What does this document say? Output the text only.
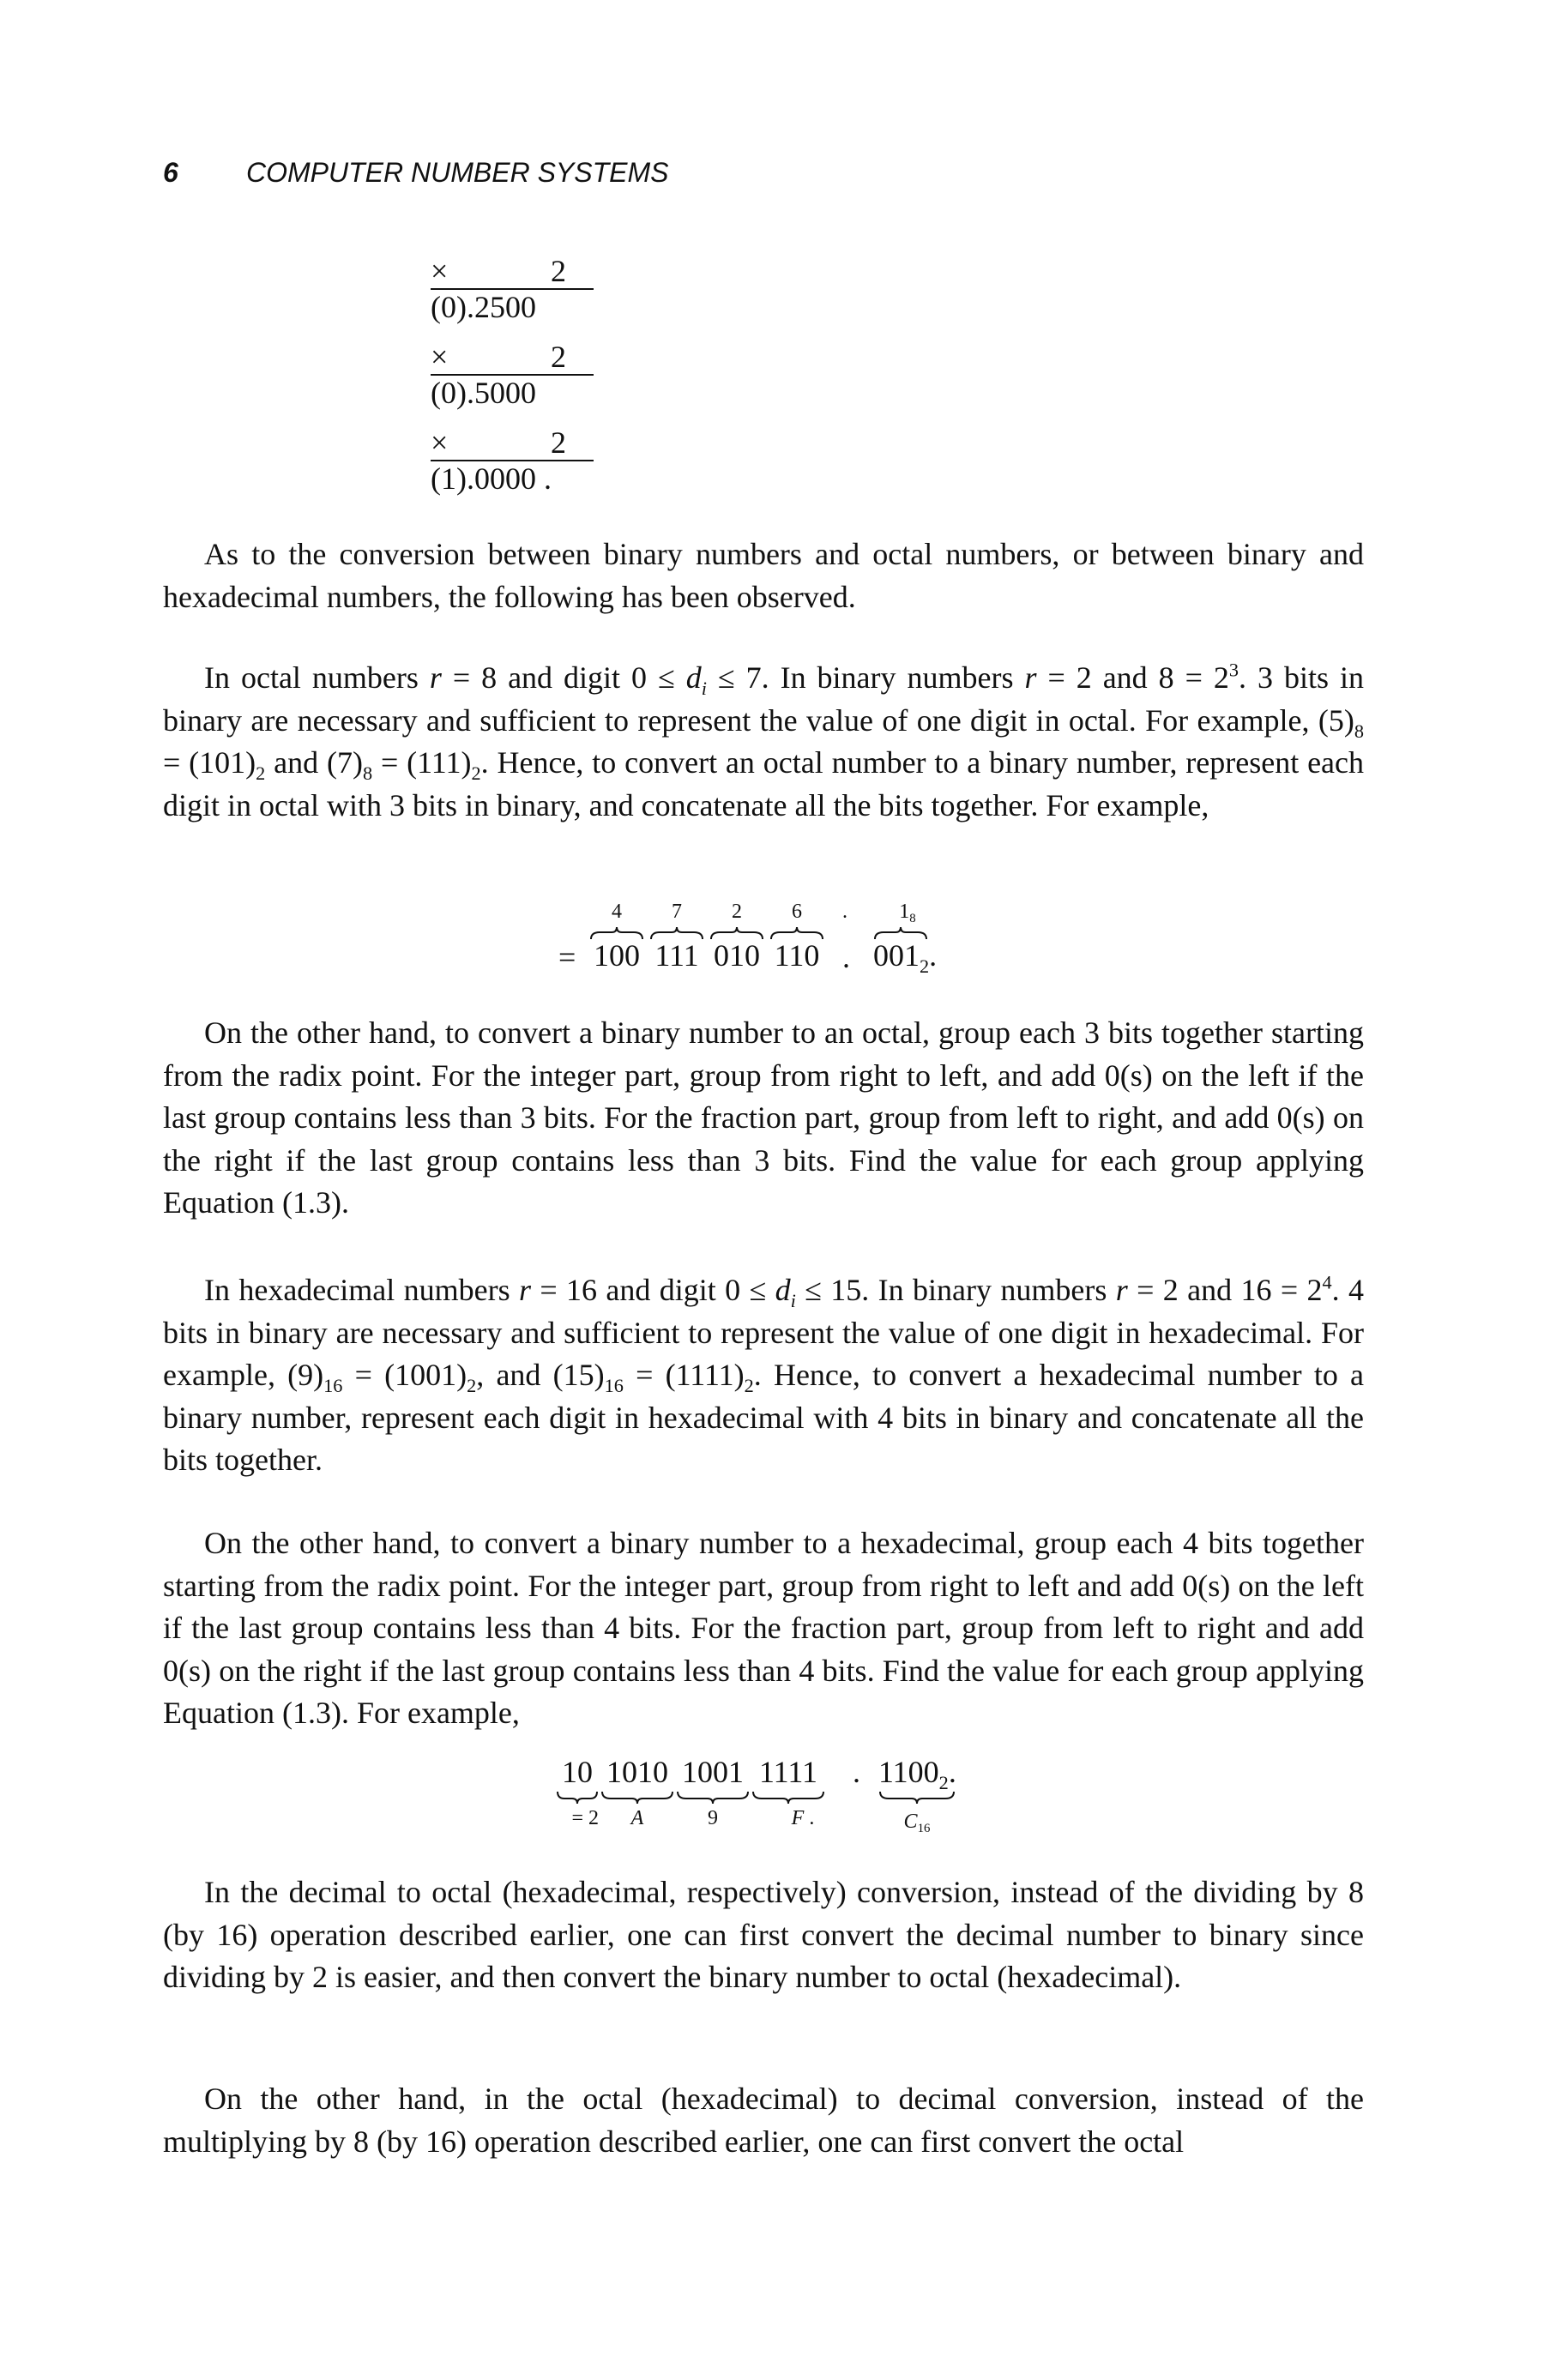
6 COMPUTER NUMBER SYSTEMS
×	2
(0).2500
×	2
(0).5000
×	2
(1).0000 .

As to the conversion between binary numbers and octal numbers, or between binary and hexadecimal numbers, the following has been observed.

In octal numbers r = 8 and digit $0 \le d_i \le 7$. In binary numbers r = 2 and $8 = 2^3$. 3 bits in binary are necessary and sufficient to represent the value of one digit in octal. For example, $(5)_8 = (101)_2$ and $(7)_8 = (111)_2$. Hence, to convert an octal number to a binary number, represent each digit in octal with 3 bits in binary, and concatenate all the bits together. For example,

=
4
100
7
111
2
010
6
110
.
.
$1_8$
$001_2$.

On the other hand, to convert a binary number to an octal, group each 3 bits together starting from the radix point. For the integer part, group from right to left, and add 0(s) on the left if the last group contains less than 3 bits. For the fraction part, group from left to right, and add 0(s) on the right if the last group contains less than 3 bits. Find the value for each group applying Equation (1.3).

In hexadecimal numbers r = 16 and digit $0 \le d_i \le 15$. In binary numbers r = 2 and $16 = 2^4$. 4 bits in binary are necessary and sufficient to represent the value of one digit in hexadecimal. For example, $(9)_{16} = (1001)_2$, and $(15)_{16} = (1111)_2$. Hence, to convert a hexadecimal number to a binary number, represent each digit in hexadecimal with 4 bits in binary and concatenate all the bits together.

On the other hand, to convert a binary number to a hexadecimal, group each 4 bits together starting from the radix point. For the integer part, group from right to left and add 0(s) on the left if the last group contains less than 4 bits. For the fraction part, group from left to right and add 0(s) on the right if the last group contains less than 4 bits. Find the value for each group applying Equation (1.3). For example,

10
= 2
1010
A
1001
9
1111
F .
. $1100_2$.
$C_{16}$

In the decimal to octal (hexadecimal, respectively) conversion, instead of the dividing by 8 (by 16) operation described earlier, one can first convert the decimal number to binary since dividing by 2 is easier, and then convert the binary number to octal (hexadecimal).

On the other hand, in the octal (hexadecimal) to decimal conversion, instead of the multiplying by 8 (by 16) operation described earlier, one can first convert the octal
